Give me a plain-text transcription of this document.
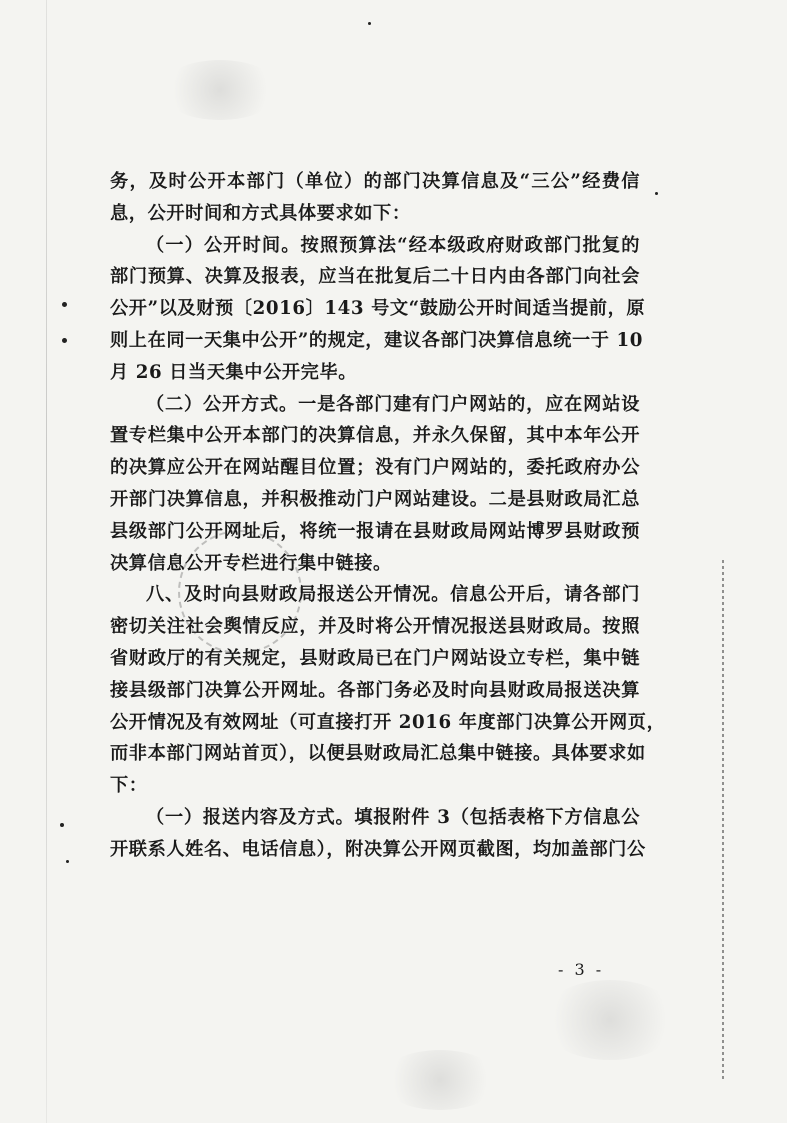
务，及时公开本部门（单位）的部门决算信息及“三公”经费信
息，公开时间和方式具体要求如下：
（一）公开时间。按照预算法“经本级政府财政部门批复的
部门预算、决算及报表，应当在批复后二十日内由各部门向社会
公开”以及财预〔2016〕143 号文“鼓励公开时间适当提前，原
则上在同一天集中公开”的规定，建议各部门决算信息统一于 10
月 26 日当天集中公开完毕。
（二）公开方式。一是各部门建有门户网站的，应在网站设
置专栏集中公开本部门的决算信息，并永久保留，其中本年公开
的决算应公开在网站醒目位置；没有门户网站的，委托政府办公
开部门决算信息，并积极推动门户网站建设。二是县财政局汇总
县级部门公开网址后，将统一报请在县财政局网站博罗县财政预
决算信息公开专栏进行集中链接。
八、及时向县财政局报送公开情况。信息公开后，请各部门
密切关注社会舆情反应，并及时将公开情况报送县财政局。按照
省财政厅的有关规定，县财政局已在门户网站设立专栏，集中链
接县级部门决算公开网址。各部门务必及时向县财政局报送决算
公开情况及有效网址（可直接打开 2016 年度部门决算公开网页，
而非本部门网站首页），以便县财政局汇总集中链接。具体要求如
下：
（一）报送内容及方式。填报附件 3（包括表格下方信息公
开联系人姓名、电话信息），附决算公开网页截图，均加盖部门公
- 3 -
